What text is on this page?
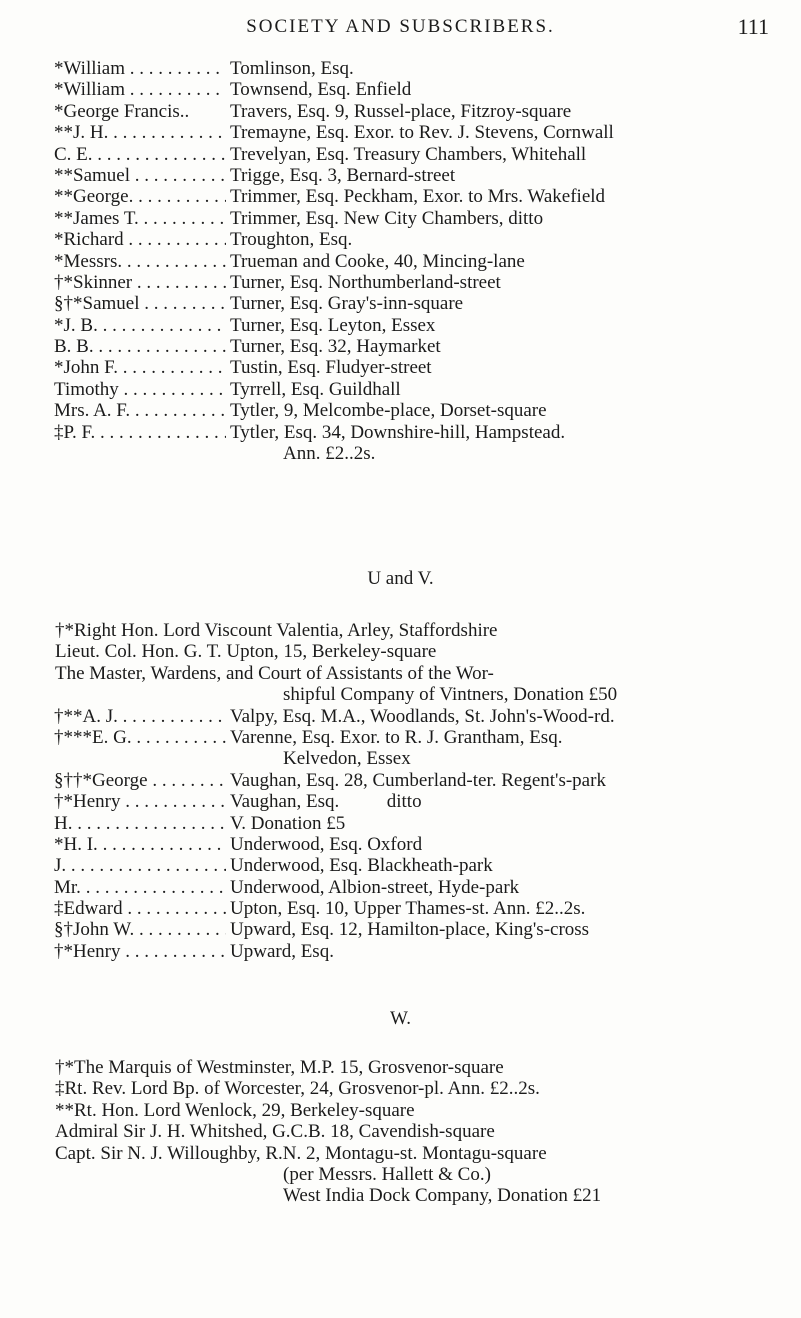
SOCIETY AND SUBSCRIBERS.	111
*William . . .	Tomlinson, Esq.
*William . . .	Townsend, Esq. Enfield
*George Francis..	Travers, Esq. 9, Russel-place, Fitzroy-square
**J. H. . . .	Tremayne, Esq. Exor. to Rev. J. Stevens, Cornwall
C. E. . . .	Trevelyan, Esq. Treasury Chambers, Whitehall
**Samuel . . .	Trigge, Esq. 3, Bernard-street
**George. . . .	Trimmer, Esq. Peckham, Exor. to Mrs. Wakefield
**James T. . . .	Trimmer, Esq. New City Chambers, ditto
*Richard . . .	Troughton, Esq.
*Messrs. . . .	Trueman and Cooke, 40, Mincing-lane
†*Skinner . . .	Turner, Esq. Northumberland-street
§†*Samuel . . .	Turner, Esq. Gray's-inn-square
*J. B. . . .	Turner, Esq. Leyton, Essex
B. B. . . .	Turner, Esq. 32, Haymarket
*John F. . . .	Tustin, Esq. Fludyer-street
Timothy . . .	Tyrrell, Esq. Guildhall
Mrs. A. F. . . .	Tytler, 9, Melcombe-place, Dorset-square
‡P. F. . . .	Tytler, Esq. 34, Downshire-hill, Hampstead.
Ann. £2..2s.
U and V.
†*Right Hon. Lord Viscount Valentia, Arley, Staffordshire
Lieut. Col. Hon. G. T. Upton, 15, Berkeley-square
The Master, Wardens, and Court of Assistants of the Wor-
shipful Company of Vintners, Donation £50
†**A. J. . . .	Valpy, Esq. M.A., Woodlands, St. John's-Wood-rd.
†***E. G. . . .	Varenne, Esq. Exor. to R. J. Grantham, Esq.
Kelvedon, Essex
§††*George . . .	Vaughan, Esq. 28, Cumberland-ter. Regent's-park
†*Henry . . .	Vaughan, Esq.          ditto
H. . . .	V. Donation £5
*H. I. . . .	Underwood, Esq. Oxford
J. . . .	Underwood, Esq. Blackheath-park
Mr. . . .	Underwood, Albion-street, Hyde-park
‡Edward . . .	Upton, Esq. 10, Upper Thames-st. Ann. £2..2s.
§†John W. . . .	Upward, Esq. 12, Hamilton-place, King's-cross
†*Henry . . .	Upward, Esq.
W.
†*The Marquis of Westminster, M.P. 15, Grosvenor-square
‡Rt. Rev. Lord Bp. of Worcester, 24, Grosvenor-pl. Ann. £2..2s.
**Rt. Hon. Lord Wenlock, 29, Berkeley-square
Admiral Sir J. H. Whitshed, G.C.B. 18, Cavendish-square
Capt. Sir N. J. Willoughby, R.N. 2, Montagu-st. Montagu-square
(per Messrs. Hallett & Co.)
West India Dock Company, Donation £21
